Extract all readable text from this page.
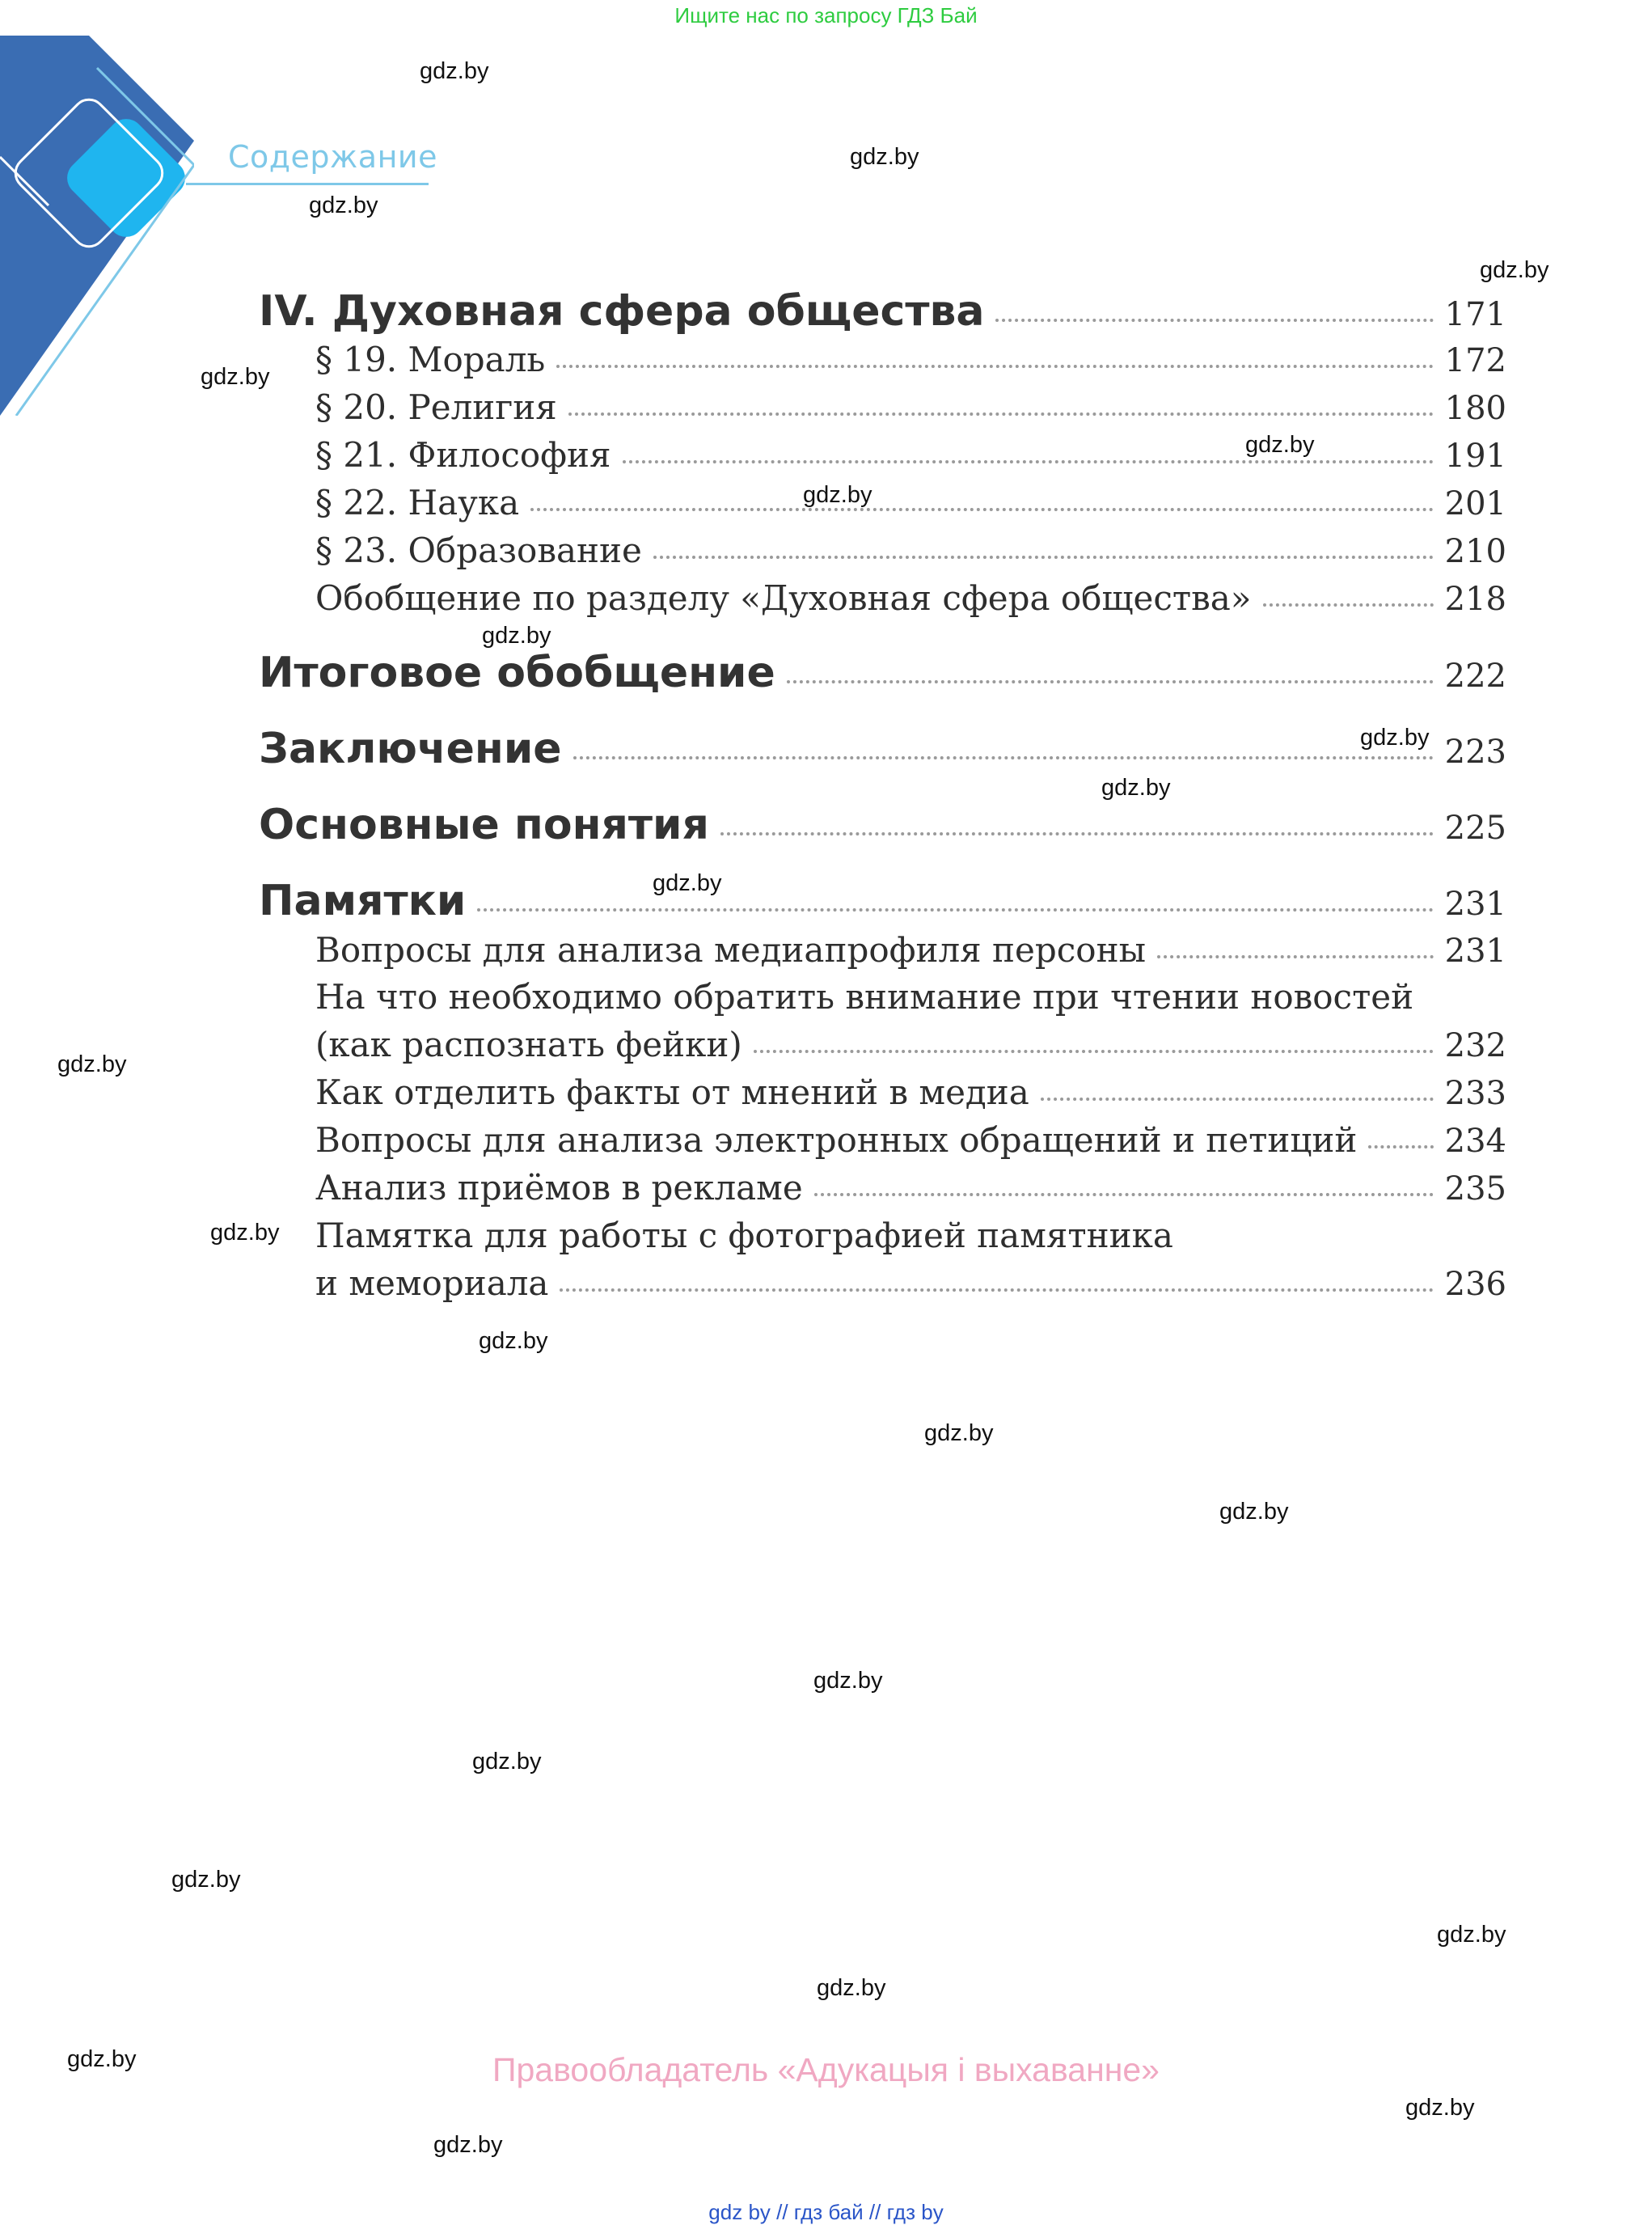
Ищите нас по запросу ГДЗ Бай
Содержание
IV. Духовная сфера общества	171
§ 19. Мораль	172
§ 20. Религия	180
§ 21. Философия	191
§ 22. Наука	201
§ 23. Образование	210
Обобщение по разделу «Духовная сфера общества»	218
Итоговое обобщение	222
Заключение	223
Основные понятия	225
Памятки	231
Вопросы для анализа медиапрофиля персоны	231
На что необходимо обратить внимание при чтении новостей
(как распознать фейки)	232
Как отделить факты от мнений в медиа	233
Вопросы для анализа электронных обращений и петиций	234
Анализ приёмов в рекламе	235
Памятка для работы с фотографией памятника
и мемориала	236
gdz.by
gdz.by
gdz.by
gdz.by
gdz.by
gdz.by
gdz.by
gdz.by
gdz.by
gdz.by
gdz.by
gdz.by
gdz.by
gdz.by
gdz.by
gdz.by
gdz.by
gdz.by
gdz.by
gdz.by
gdz.by
gdz.by
gdz.by
gdz.by
Правообладатель «Адукацыя і выхаванне»
gdz by // гдз бай // гдз by
